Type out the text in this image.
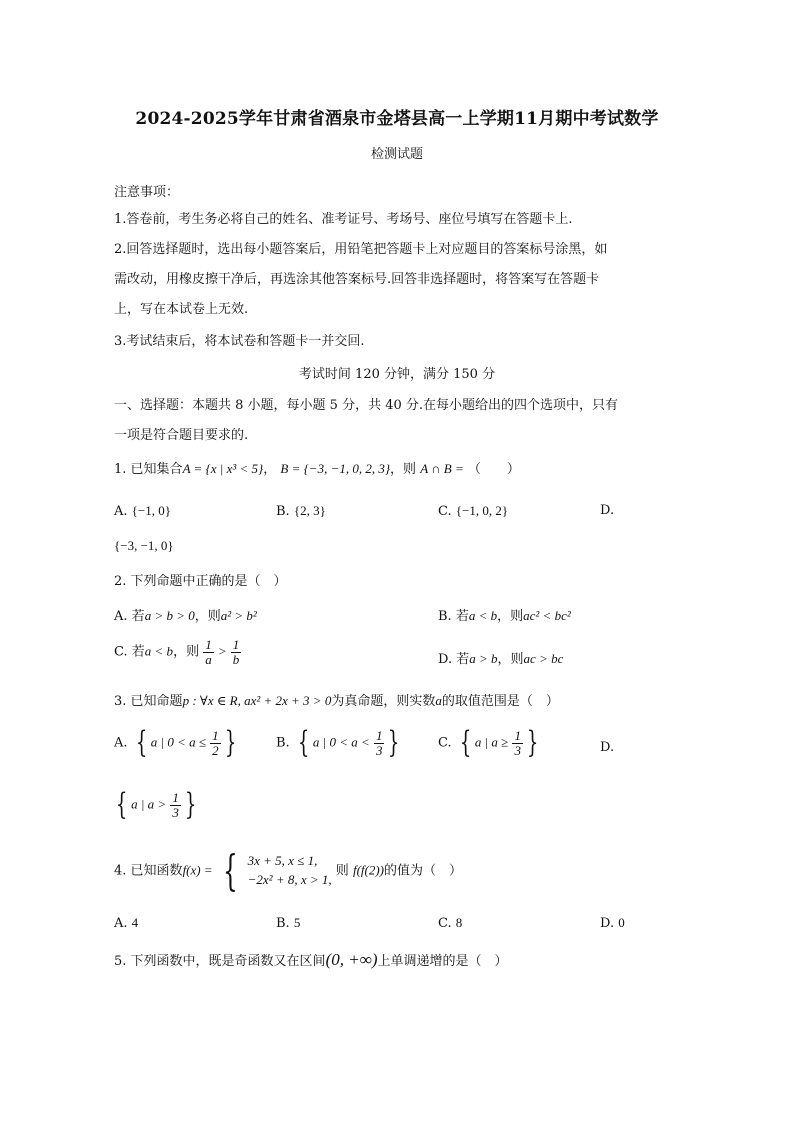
2024-2025学年甘肃省酒泉市金塔县高一上学期11月期中考试数学
检测试题
注意事项：
1.答卷前，考生务必将自己的姓名、准考证号、考场号、座位号填写在答题卡上.
2.回答选择题时，选出每小题答案后，用铅笔把答题卡上对应题目的答案标号涂黑，如
需改动，用橡皮擦干净后，再选涂其他答案标号.回答非选择题时，将答案写在答题卡
上，写在本试卷上无效.
3.考试结束后，将本试卷和答题卡一并交回.
考试时间 120 分钟，满分 150 分
一、选择题：本题共 8 小题，每小题 5 分，共 40 分.在每小题给出的四个选项中，只有
一项是符合题目要求的.
1. 已知集合A = {x | x³ < 5}， B = {−3, −1, 0, 2, 3}，则 A ∩ B = （　　）
A. {−1, 0}	B. {2, 3}	C. {−1, 0, 2}	D.
{−3, −1, 0}
2. 下列命题中正确的是（　）
A. 若a > b > 0，则a² > b²	B. 若a < b，则ac² < bc²
C. 若a < b，则 $\frac{1}{a} > \frac{1}{b}$	D. 若a > b，则ac > bc
3. 已知命题p : ∀x ∈ R, ax² + 2x + 3 > 0为真命题，则实数a的取值范围是（　）
A. { a | $0 < a \le \frac{1}{2}$ }	B. { a | $0 < a < \frac{1}{3}$ }	C. { a | $a \ge \frac{1}{3}$ }	D.
{ a | $a > \frac{1}{3}$ }
4. 已知函数f(x) = { 3x + 5, x ≤ 1,
−2x² + 8, x > 1,
则 f(f(2))的值为（　）
A. 4	B. 5	C. 8	D. 0
5. 下列函数中，既是奇函数又在区间(0, +∞)上单调递增的是（　）
